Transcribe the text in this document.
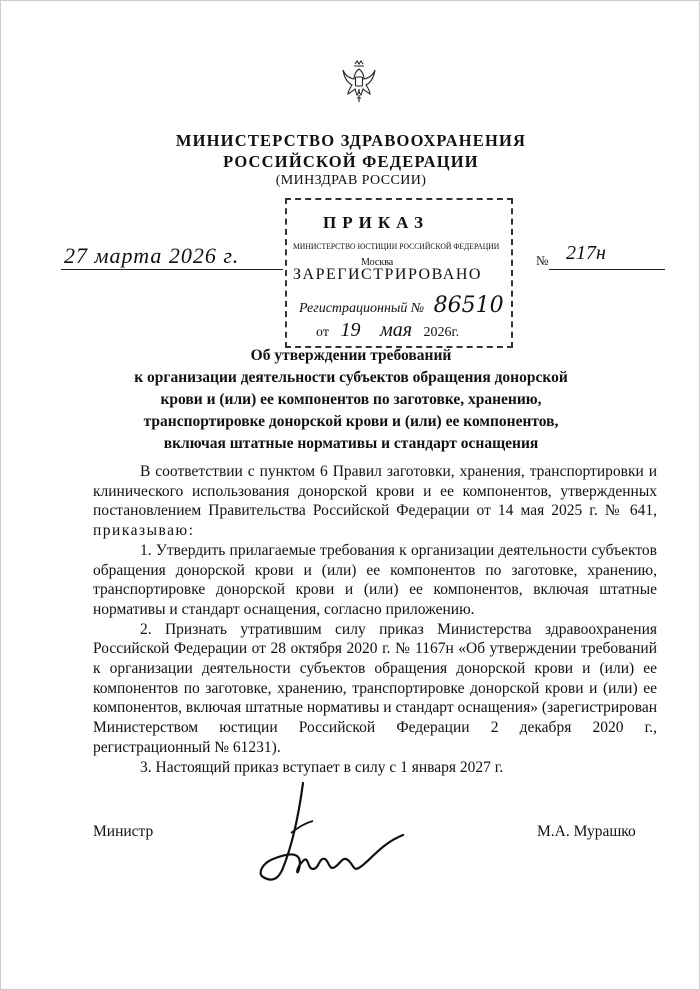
МИНИСТЕРСТВО ЗДРАВООХРАНЕНИЯ
РОССИЙСКОЙ ФЕДЕРАЦИИ
(МИНЗДРАВ РОССИИ)
ПРИКАЗ
МИНИСТЕРСТВО ЮСТИЦИИ РОССИЙСКОЙ ФЕДЕРАЦИИ
Москва
ЗАРЕГИСТРИРОВАНО
Регистрационный № 86510
от 19 мая 2026г.
27 марта 2026 г.	№ 217н
Об утверждении требований
к организации деятельности субъектов обращения донорской
крови и (или) ее компонентов по заготовке, хранению,
транспортировке донорской крови и (или) ее компонентов,
включая штатные нормативы и стандарт оснащения

В соответствии с пунктом 6 Правил заготовки, хранения, транспортировки и клинического использования донорской крови и ее компонентов, утвержденных постановлением Правительства Российской Федерации от 14 мая 2025 г. № 641, приказываю:

1. Утвердить прилагаемые требования к организации деятельности субъектов обращения донорской крови и (или) ее компонентов по заготовке, хранению, транспортировке донорской крови и (или) ее компонентов, включая штатные нормативы и стандарт оснащения, согласно приложению.

2. Признать утратившим силу приказ Министерства здравоохранения Российской Федерации от 28 октября 2020 г. № 1167н «Об утверждении требований к организации деятельности субъектов обращения донорской крови и (или) ее компонентов по заготовке, хранению, транспортировке донорской крови и (или) ее компонентов, включая штатные нормативы и стандарт оснащения» (зарегистрирован Министерством юстиции Российской Федерации 2 декабря 2020 г., регистрационный № 61231).

3. Настоящий приказ вступает в силу с 1 января 2027 г.

Министр	М.А. Мурашко
